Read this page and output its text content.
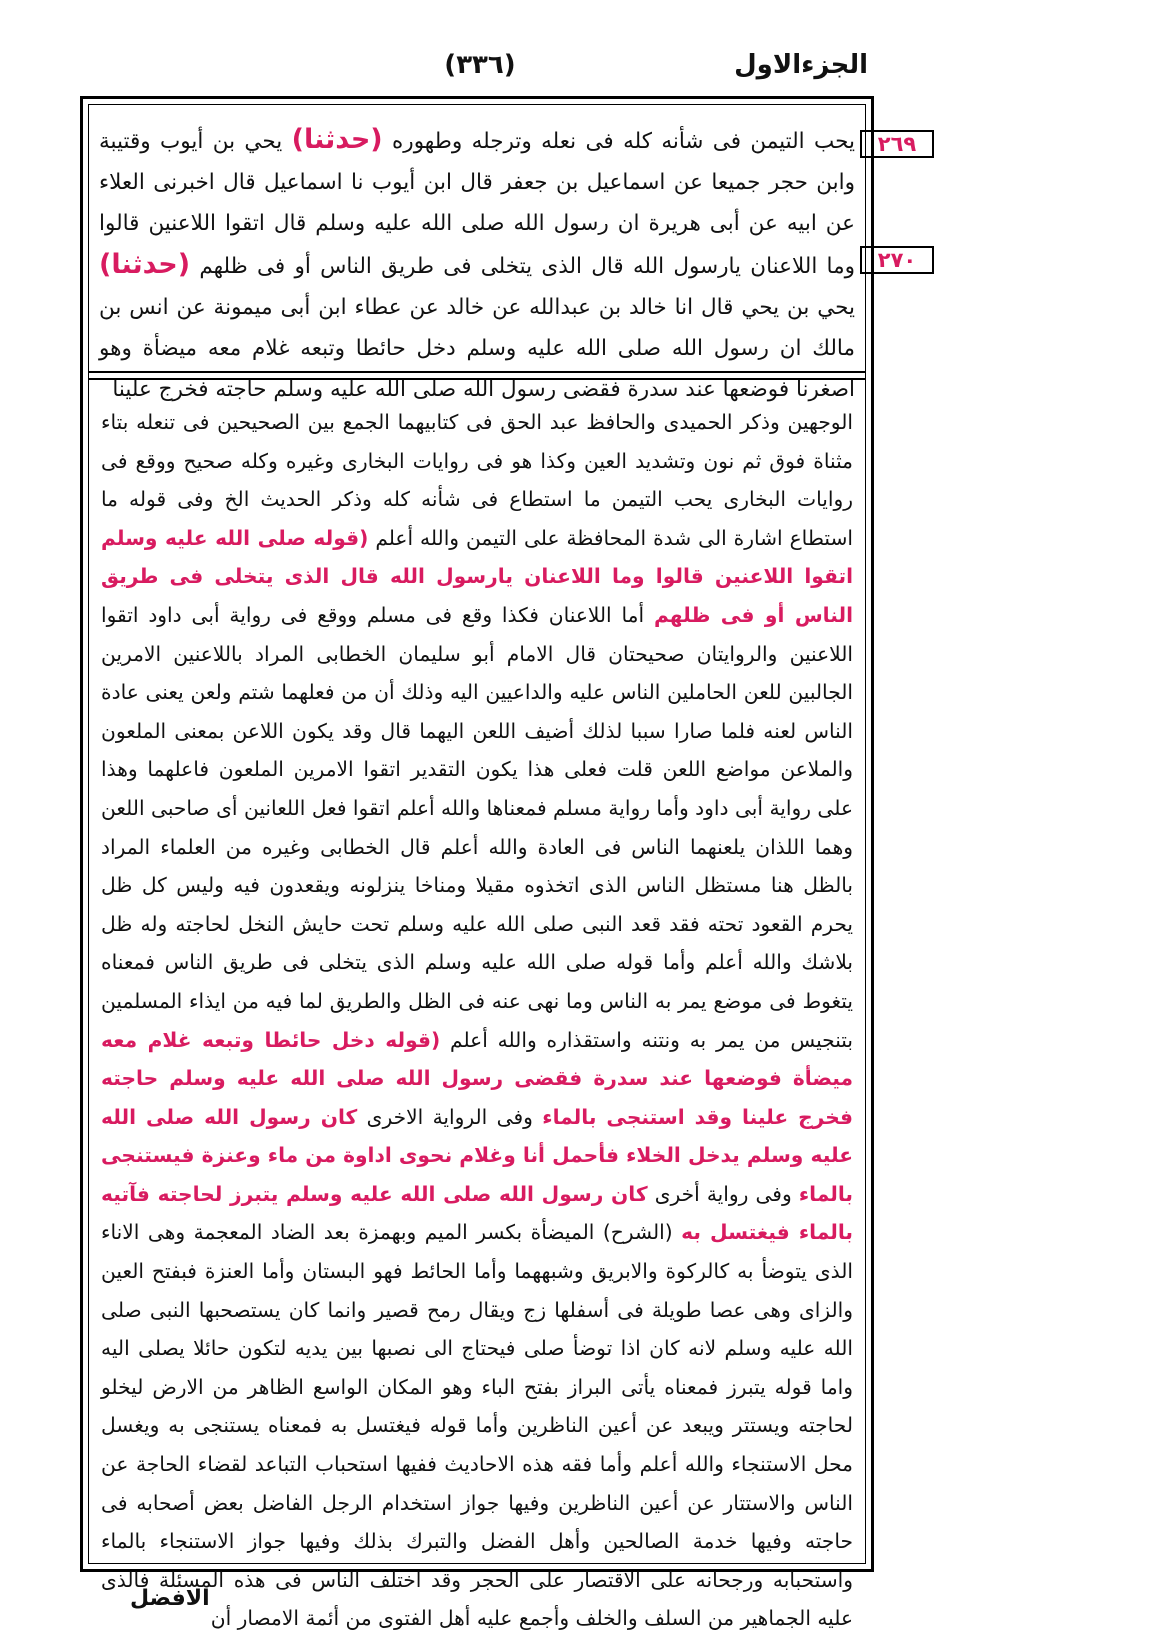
(٣٣٦)	الجزءالاول
٢٦٩
٢٧٠
يحب التيمن فى شأنه كله فى نعله وترجله وطهوره (حدثنا) يحي بن أيوب وقتيبة وابن حجر جميعا عن اسماعيل بن جعفر قال ابن أيوب نا اسماعيل قال اخبرنى العلاء عن ابيه عن أبى هريرة ان رسول الله صلى الله عليه وسلم قال اتقوا اللاعنين قالوا وما اللاعنان يارسول الله قال الذى يتخلى فى طريق الناس أو فى ظلهم (حدثنا) يحي بن يحي قال انا خالد بن عبدالله عن خالد عن عطاء ابن أبى ميمونة عن انس بن مالك ان رسول الله صلى الله عليه وسلم دخل حائطا وتبعه غلام معه ميضأة وهو اصغرنا فوضعها عند سدرة فقضى رسول الله صلى الله عليه وسلم حاجته فخرج علينا
الوجهين وذكر الحميدى والحافظ عبد الحق فى كتابيهما الجمع بين الصحيحين فى تنعله بتاء مثناة فوق ثم نون وتشديد العين وكذا هو فى روايات البخارى وغيره وكله صحيح ووقع فى روايات البخارى يحب التيمن ما استطاع فى شأنه كله وذكر الحديث الخ وفى قوله ما استطاع اشارة الى شدة المحافظة على التيمن والله أعلم (قوله صلى الله عليه وسلم اتقوا اللاعنين قالوا وما اللاعنان يارسول الله قال الذى يتخلى فى طريق الناس أو فى ظلهم أما اللاعنان فكذا وقع فى مسلم ووقع فى رواية أبى داود اتقوا اللاعنين والروايتان صحيحتان قال الامام أبو سليمان الخطابى المراد باللاعنين الامرين الجالبين للعن الحاملين الناس عليه والداعيين اليه وذلك أن من فعلهما شتم ولعن يعنى عادة الناس لعنه فلما صارا سببا لذلك أضيف اللعن اليهما قال وقد يكون اللاعن بمعنى الملعون والملاعن مواضع اللعن قلت فعلى هذا يكون التقدير اتقوا الامرين الملعون فاعلهما وهذا على رواية أبى داود وأما رواية مسلم فمعناها والله أعلم اتقوا فعل اللعانين أى صاحبى اللعن وهما اللذان يلعنهما الناس فى العادة والله أعلم قال الخطابى وغيره من العلماء المراد بالظل هنا مستظل الناس الذى اتخذوه مقيلا ومناخا ينزلونه ويقعدون فيه وليس كل ظل يحرم القعود تحته فقد قعد النبى صلى الله عليه وسلم تحت حايش النخل لحاجته وله ظل بلاشك والله أعلم وأما قوله صلى الله عليه وسلم الذى يتخلى فى طريق الناس فمعناه يتغوط فى موضع يمر به الناس وما نهى عنه فى الظل والطريق لما فيه من ايذاء المسلمين بتنجيس من يمر به ونتنه واستقذاره والله أعلم (قوله دخل حائطا وتبعه غلام معه ميضأة فوضعها عند سدرة فقضى رسول الله صلى الله عليه وسلم حاجته فخرج علينا وقد استنجى بالماء وفى الرواية الاخرى كان رسول الله صلى الله عليه وسلم يدخل الخلاء فأحمل أنا وغلام نحوى اداوة من ماء وعنزة فيستنجى بالماء وفى رواية أخرى كان رسول الله صلى الله عليه وسلم يتبرز لحاجته فآتيه بالماء فيغتسل به (الشرح) الميضأة بكسر الميم وبهمزة بعد الضاد المعجمة وهى الاناء الذى يتوضأ به كالركوة والابريق وشبههما وأما الحائط فهو البستان وأما العنزة فبفتح العين والزاى وهى عصا طويلة فى أسفلها زج ويقال رمح قصير وانما كان يستصحبها النبى صلى الله عليه وسلم لانه كان اذا توضأ صلى فيحتاج الى نصبها بين يديه لتكون حائلا يصلى اليه واما قوله يتبرز فمعناه يأتى البراز بفتح الباء وهو المكان الواسع الظاهر من الارض ليخلو لحاجته ويستتر ويبعد عن أعين الناظرين وأما قوله فيغتسل به فمعناه يستنجى به ويغسل محل الاستنجاء والله أعلم وأما فقه هذه الاحاديث ففيها استحباب التباعد لقضاء الحاجة عن الناس والاستتار عن أعين الناظرين وفيها جواز استخدام الرجل الفاضل بعض أصحابه فى حاجته وفيها خدمة الصالحين وأهل الفضل والتبرك بذلك وفيها جواز الاستنجاء بالماء واستحبابه ورجحانه على الاقتصار على الحجر وقد اختلف الناس فى هذه المسئلة فالذى عليه الجماهير من السلف والخلف وأجمع عليه أهل الفتوى من أئمة الامصار أن
الافضل
